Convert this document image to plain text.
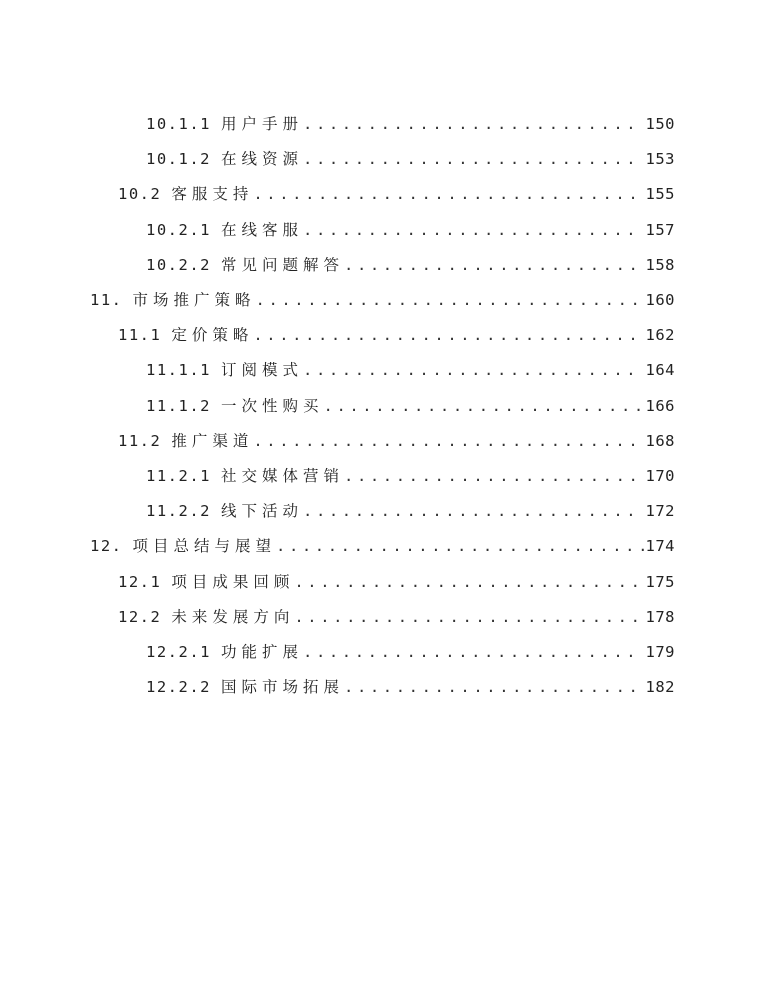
10.1.1 用户手册 .....	150
10.1.2 在线资源 .....	153
10.2 客服支持 .....	155
10.2.1 在线客服 .....	157
10.2.2 常见问题解答 .....	158
11. 市场推广策略 .....	160
11.1 定价策略 .....	162
11.1.1 订阅模式 .....	164
11.1.2 一次性购买 .....	166
11.2 推广渠道 .....	168
11.2.1 社交媒体营销 .....	170
11.2.2 线下活动 .....	172
12. 项目总结与展望 .....	174
12.1 项目成果回顾 .....	175
12.2 未来发展方向 .....	178
12.2.1 功能扩展 .....	179
12.2.2 国际市场拓展 .....	182
